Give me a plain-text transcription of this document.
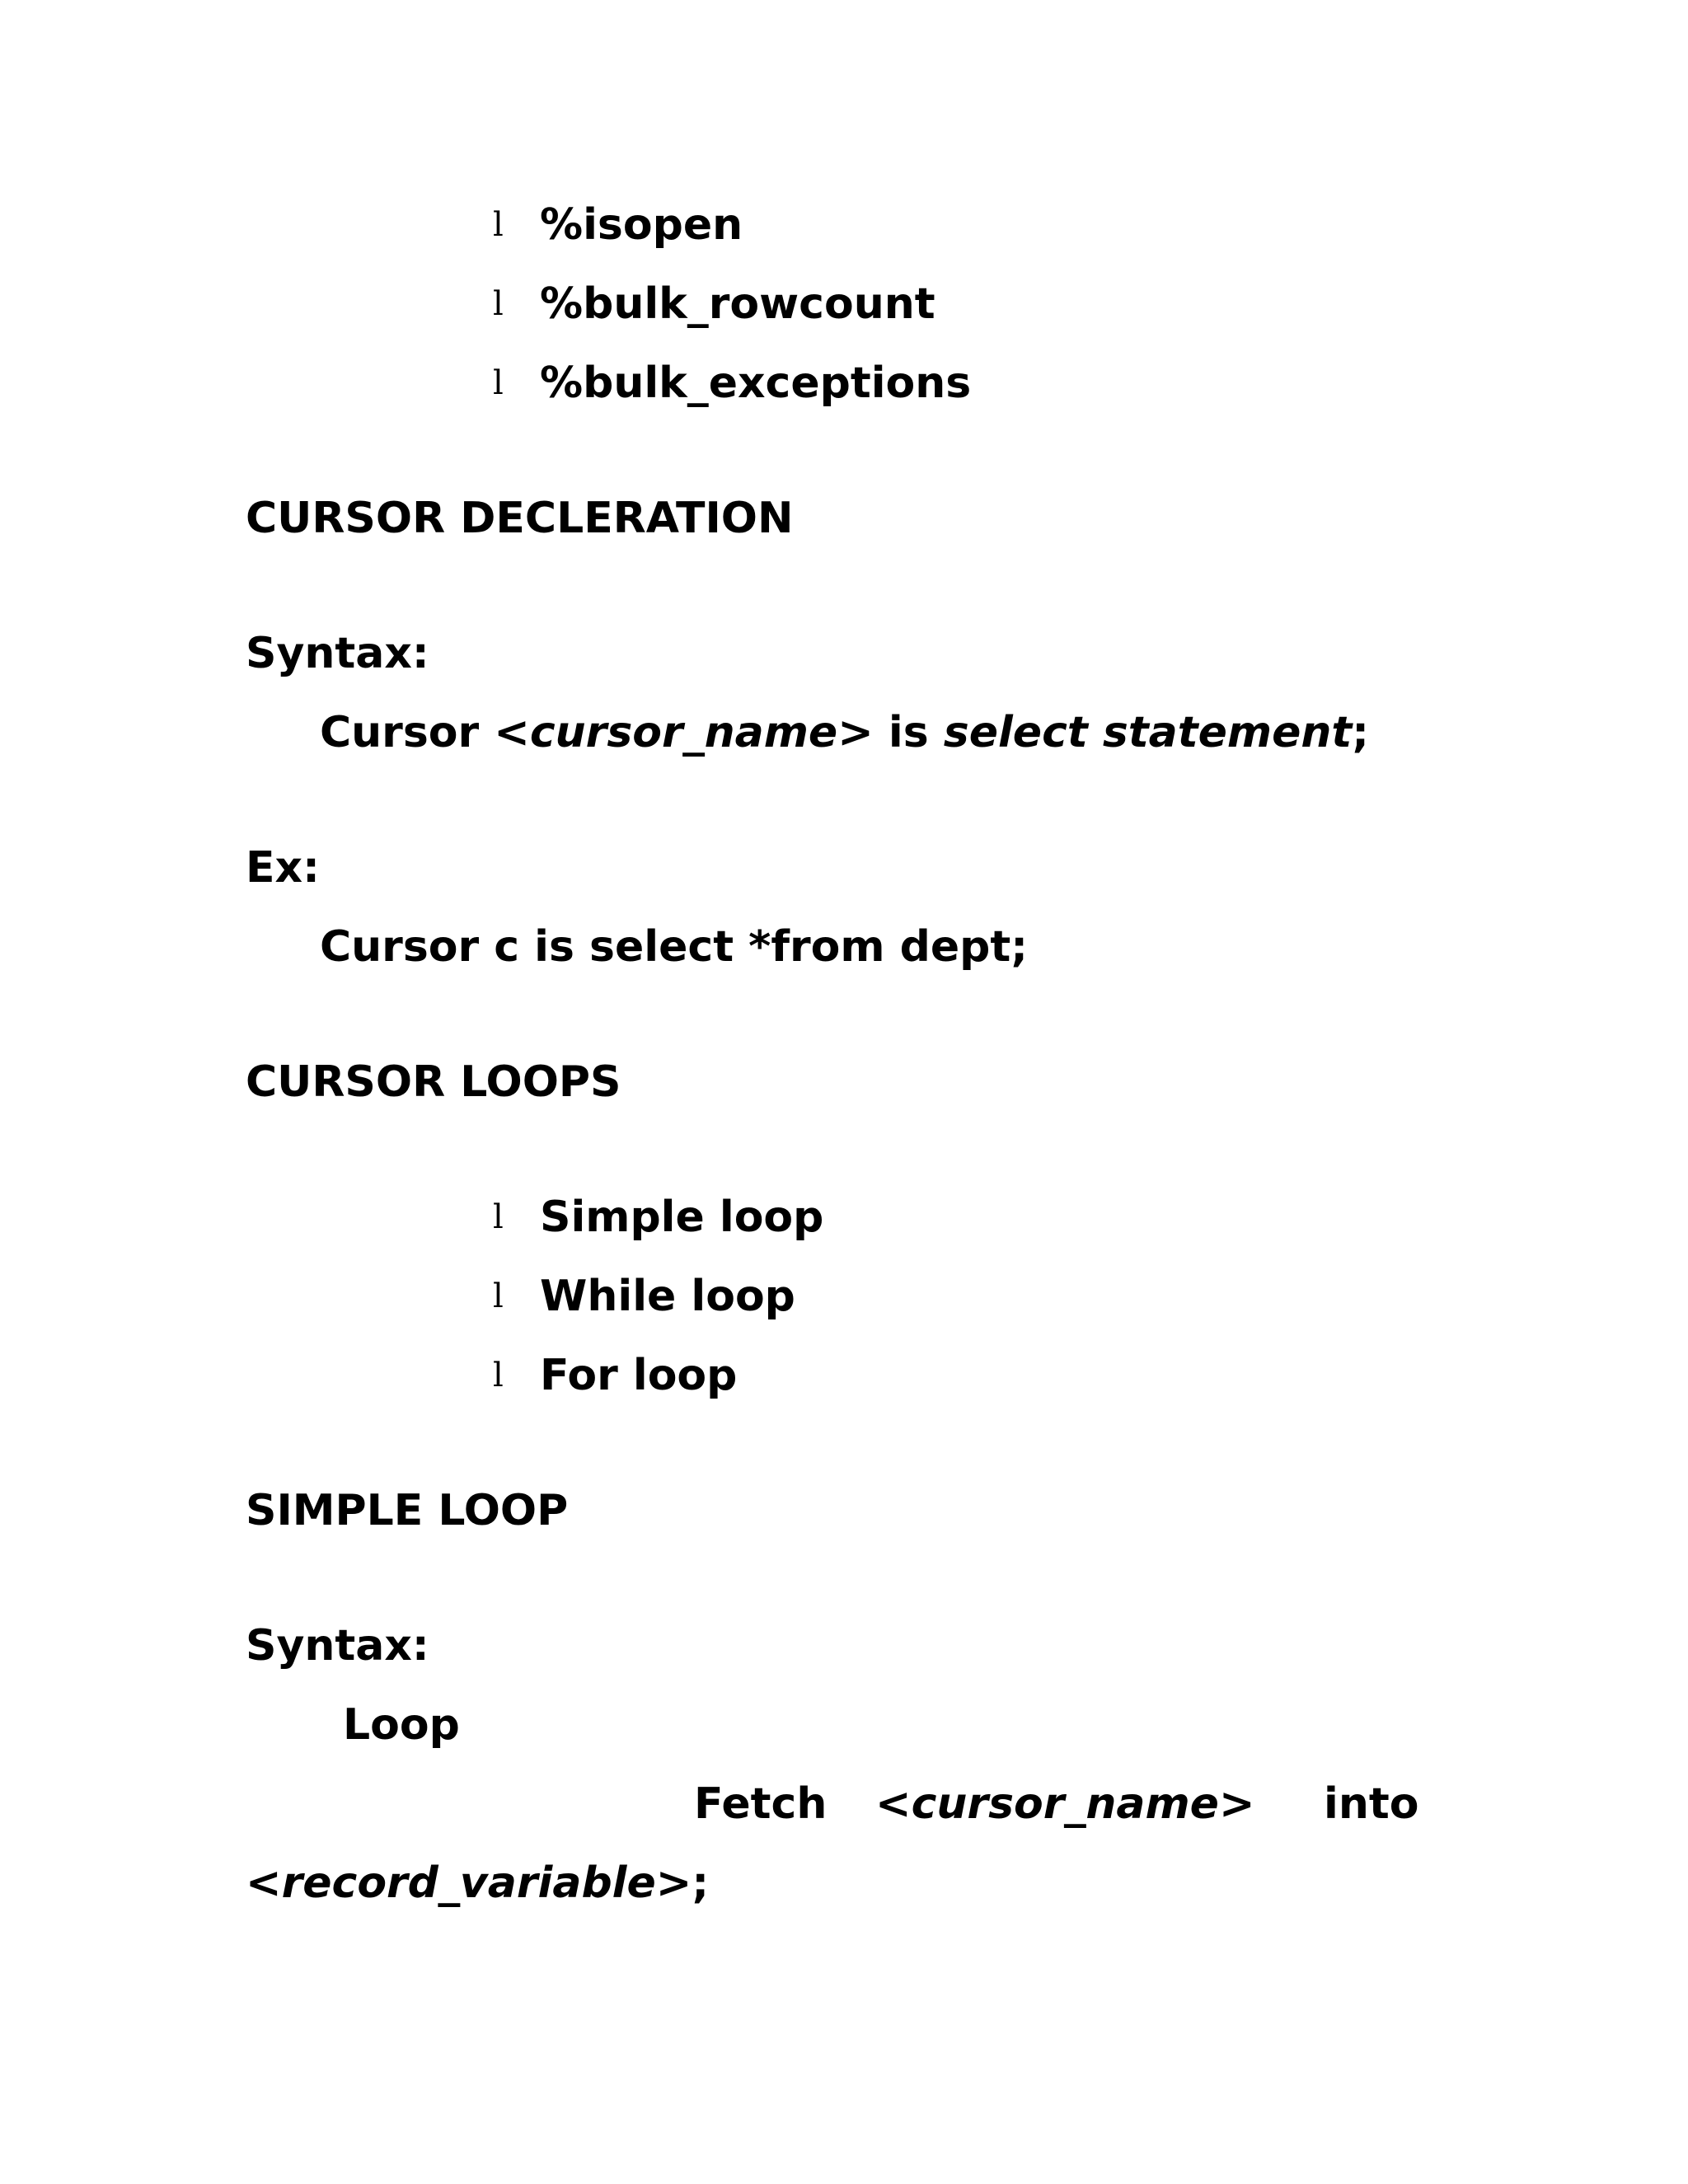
l %isopen
l %bulk_rowcount
l %bulk_exceptions
CURSOR DECLERATION
Syntax:
Cursor <cursor_name> is select statement;
Ex:
Cursor c is select *from dept;
CURSOR LOOPS
l Simple loop
l While loop
l For loop
SIMPLE LOOP
Syntax:
Loop
Fetch <cursor_name> into
<record_variable>;
